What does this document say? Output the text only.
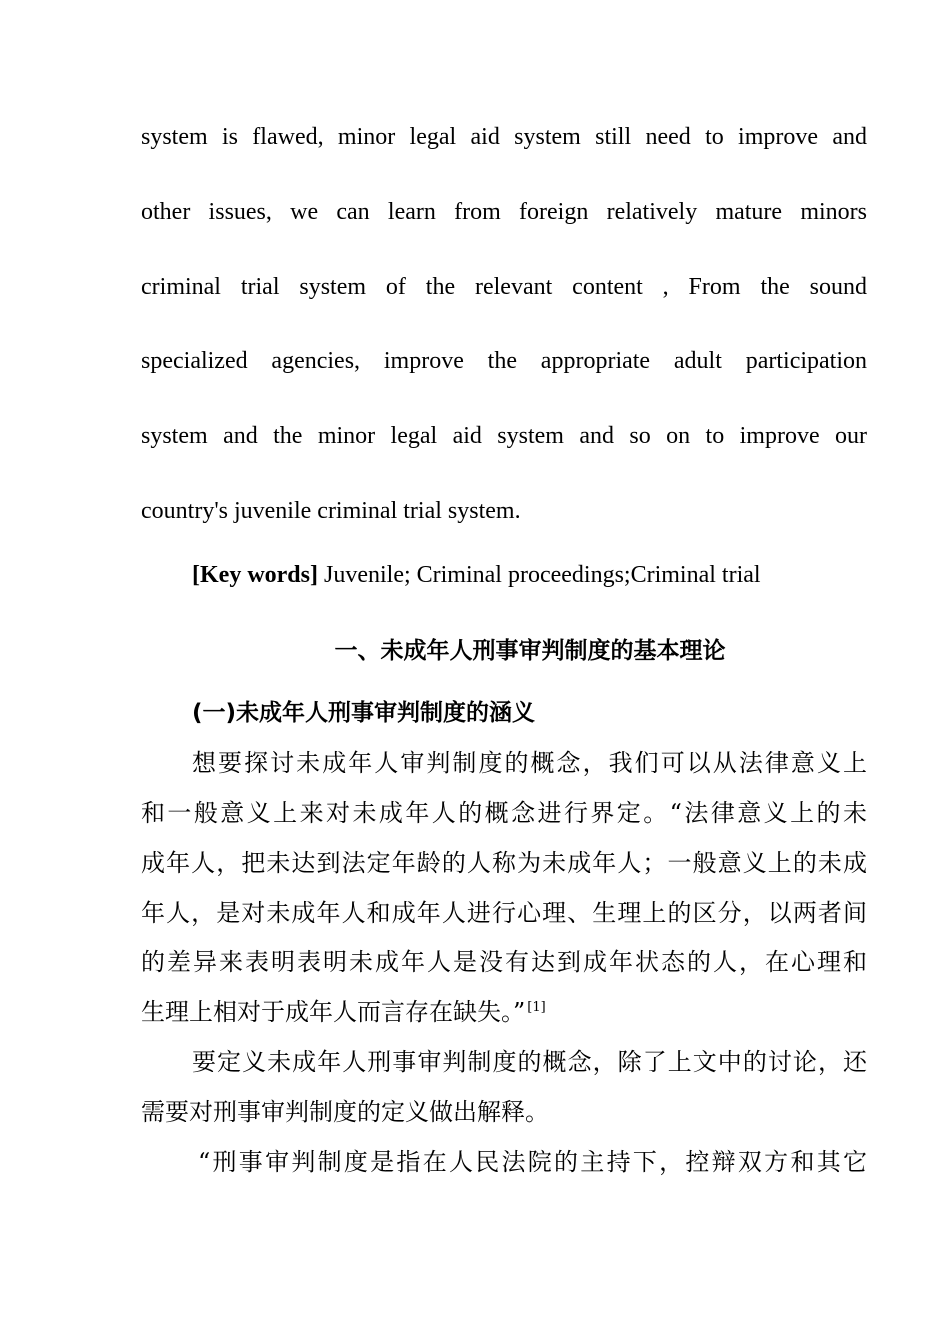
system is flawed, minor legal aid system still need to improve and
other issues, we can learn from foreign relatively mature minors
criminal trial system of the relevant content , From the sound
specialized agencies, improve the appropriate adult participation
system and the minor legal aid system and so on to improve our
country's juvenile criminal trial system.
[Key words] Juvenile; Criminal proceedings;Criminal trial
一、未成年人刑事审判制度的基本理论
(一)未成年人刑事审判制度的涵义
想要探讨未成年人审判制度的概念，我们可以从法律意义上
和一般意义上来对未成年人的概念进行界定。“法律意义上的未
成年人，把未达到法定年龄的人称为未成年人；一般意义上的未成
年人，是对未成年人和成年人进行心理、生理上的区分，以两者间
的差异来表明表明未成年人是没有达到成年状态的人，在心理和
生理上相对于成年人而言存在缺失。” [1]
要定义未成年人刑事审判制度的概念，除了上文中的讨论，还
需要对刑事审判制度的定义做出解释。
“刑事审判制度是指在人民法院的主持下，控辩双方和其它
